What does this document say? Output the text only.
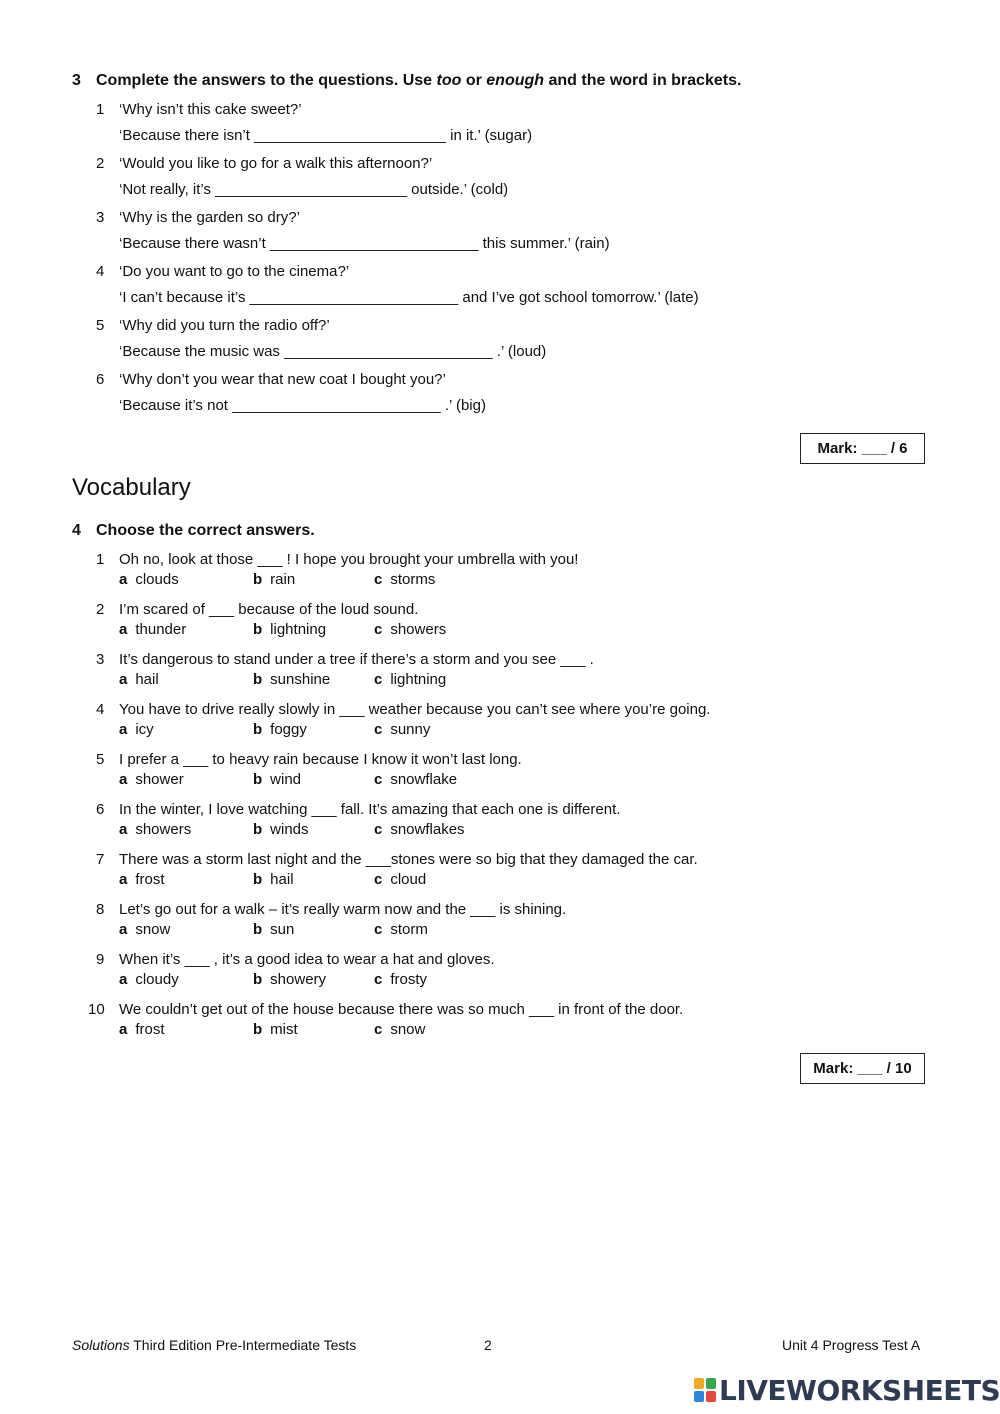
3 Complete the answers to the questions. Use too or enough and the word in brackets.
1 ‘Why isn’t this cake sweet?’
‘Because there isn’t _______________________ in it.’ (sugar)
2 ‘Would you like to go for a walk this afternoon?’
‘Not really, it’s _______________________ outside.’ (cold)
3 ‘Why is the garden so dry?’
‘Because there wasn’t _________________________ this summer.’ (rain)
4 ‘Do you want to go to the cinema?’
‘I can’t because it’s _________________________ and I’ve got school tomorrow.’ (late)
5 ‘Why did you turn the radio off?’
‘Because the music was _________________________ .’ (loud)
6 ‘Why don’t you wear that new coat I bought you?’
‘Because it’s not _________________________ .’ (big)
Mark: ___ / 6
Vocabulary
4 Choose the correct answers.
1 Oh no, look at those ___ ! I hope you brought your umbrella with you!
a clouds	b rain	c storms
2 I’m scared of ___ because of the loud sound.
a thunder	b lightning	c showers
3 It’s dangerous to stand under a tree if there’s a storm and you see ___ .
a hail	b sunshine	c lightning
4 You have to drive really slowly in ___ weather because you can’t see where you’re going.
a icy	b foggy	c sunny
5 I prefer a ___ to heavy rain because I know it won’t last long.
a shower	b wind	c snowflake
6 In the winter, I love watching ___ fall. It’s amazing that each one is different.
a showers	b winds	c snowflakes
7 There was a storm last night and the ___stones were so big that they damaged the car.
a frost	b hail	c cloud
8 Let’s go out for a walk – it’s really warm now and the ___ is shining.
a snow	b sun	c storm
9 When it’s ___ , it’s a good idea to wear a hat and gloves.
a cloudy	b showery	c frosty
10 We couldn’t get out of the house because there was so much ___ in front of the door.
a frost	b mist	c snow
Mark: ___ / 10
Solutions Third Edition Pre-Intermediate Tests	2	Unit 4 Progress Test A
LIVEWORKSHEETS
